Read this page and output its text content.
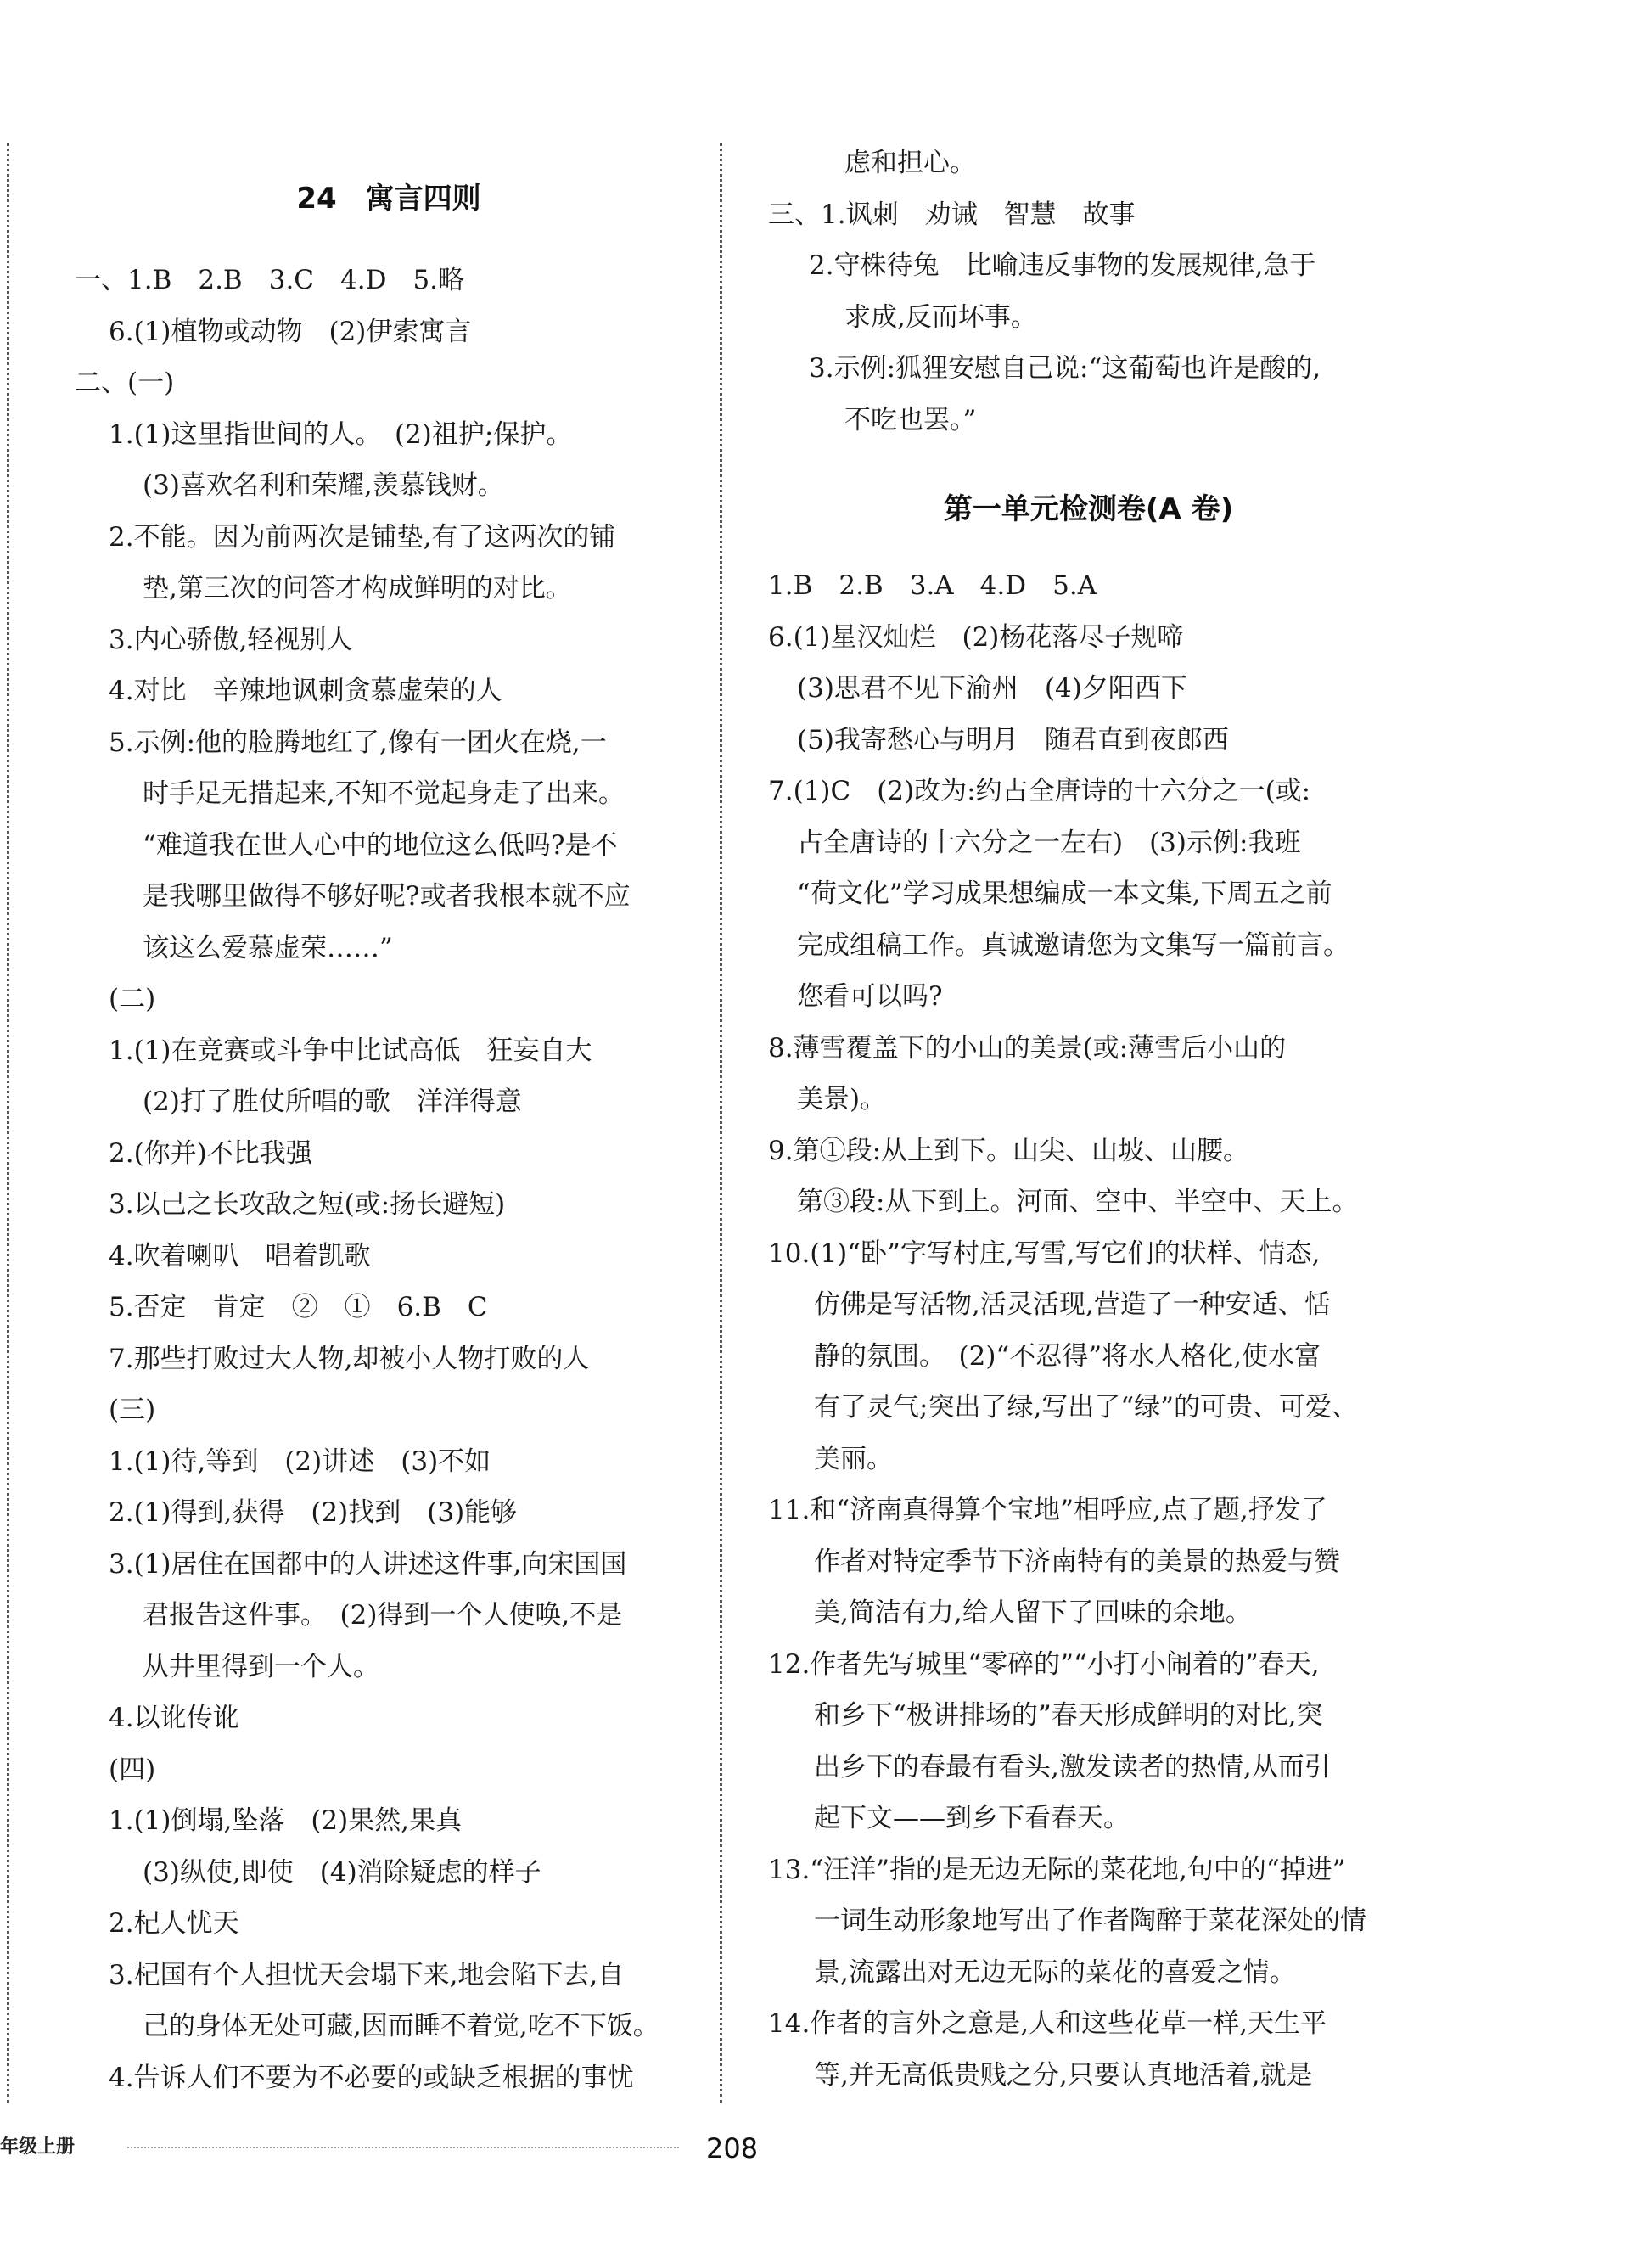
24　寓言四则
一、1.B　2.B　3.C　4.D　5.略
6.(1)植物或动物　(2)伊索寓言
二、(一)
1.(1)这里指世间的人。　(2)祖护;保护。
(3)喜欢名利和荣耀,羡慕钱财。
2.不能。因为前两次是铺垫,有了这两次的铺
垫,第三次的问答才构成鲜明的对比。
3.内心骄傲,轻视别人
4.对比　辛辣地讽刺贪慕虚荣的人
5.示例:他的脸腾地红了,像有一团火在烧,一
时手足无措起来,不知不觉起身走了出来。
“难道我在世人心中的地位这么低吗?是不
是我哪里做得不够好呢?或者我根本就不应
该这么爱慕虚荣……”
(二)
1.(1)在竞赛或斗争中比试高低　狂妄自大
(2)打了胜仗所唱的歌　洋洋得意
2.(你并)不比我强
3.以己之长攻敌之短(或:扬长避短)
4.吹着喇叭　唱着凯歌
5.否定　肯定　②　①　6.B　C
7.那些打败过大人物,却被小人物打败的人
(三)
1.(1)待,等到　(2)讲述　(3)不如
2.(1)得到,获得　(2)找到　(3)能够
3.(1)居住在国都中的人讲述这件事,向宋国国
君报告这件事。　(2)得到一个人使唤,不是
从井里得到一个人。
4.以讹传讹
(四)
1.(1)倒塌,坠落　(2)果然,果真
(3)纵使,即使　(4)消除疑虑的样子
2.杞人忧天
3.杞国有个人担忧天会塌下来,地会陷下去,自
己的身体无处可藏,因而睡不着觉,吃不下饭。
4.告诉人们不要为不必要的或缺乏根据的事忧
虑和担心。
三、1.讽刺　劝诫　智慧　故事
2.守株待兔　比喻违反事物的发展规律,急于
求成,反而坏事。
3.示例:狐狸安慰自己说:“这葡萄也许是酸的,
不吃也罢。”
第一单元检测卷(A 卷)
1.B　2.B　3.A　4.D　5.A
6.(1)星汉灿烂　(2)杨花落尽子规啼
(3)思君不见下渝州　(4)夕阳西下
(5)我寄愁心与明月　随君直到夜郎西
7.(1)C　(2)改为:约占全唐诗的十六分之一(或:
占全唐诗的十六分之一左右)　(3)示例:我班
“荷文化”学习成果想编成一本文集,下周五之前
完成组稿工作。真诚邀请您为文集写一篇前言。
您看可以吗?
8.薄雪覆盖下的小山的美景(或:薄雪后小山的
美景)。
9.第①段:从上到下。山尖、山坡、山腰。
第③段:从下到上。河面、空中、半空中、天上。
10.(1)“卧”字写村庄,写雪,写它们的状样、情态,
仿佛是写活物,活灵活现,营造了一种安适、恬
静的氛围。　(2)“不忍得”将水人格化,使水富
有了灵气;突出了绿,写出了“绿”的可贵、可爱、
美丽。
11.和“济南真得算个宝地”相呼应,点了题,抒发了
作者对特定季节下济南特有的美景的热爱与赞
美,简洁有力,给人留下了回味的余地。
12.作者先写城里“零碎的”“小打小闹着的”春天,
和乡下“极讲排场的”春天形成鲜明的对比,突
出乡下的春最有看头,激发读者的热情,从而引
起下文——到乡下看春天。
13.“汪洋”指的是无边无际的菜花地,句中的“掉进”
一词生动形象地写出了作者陶醉于菜花深处的情
景,流露出对无边无际的菜花的喜爱之情。
14.作者的言外之意是,人和这些花草一样,天生平
等,并无高低贵贱之分,只要认真地活着,就是
年级上册	208
